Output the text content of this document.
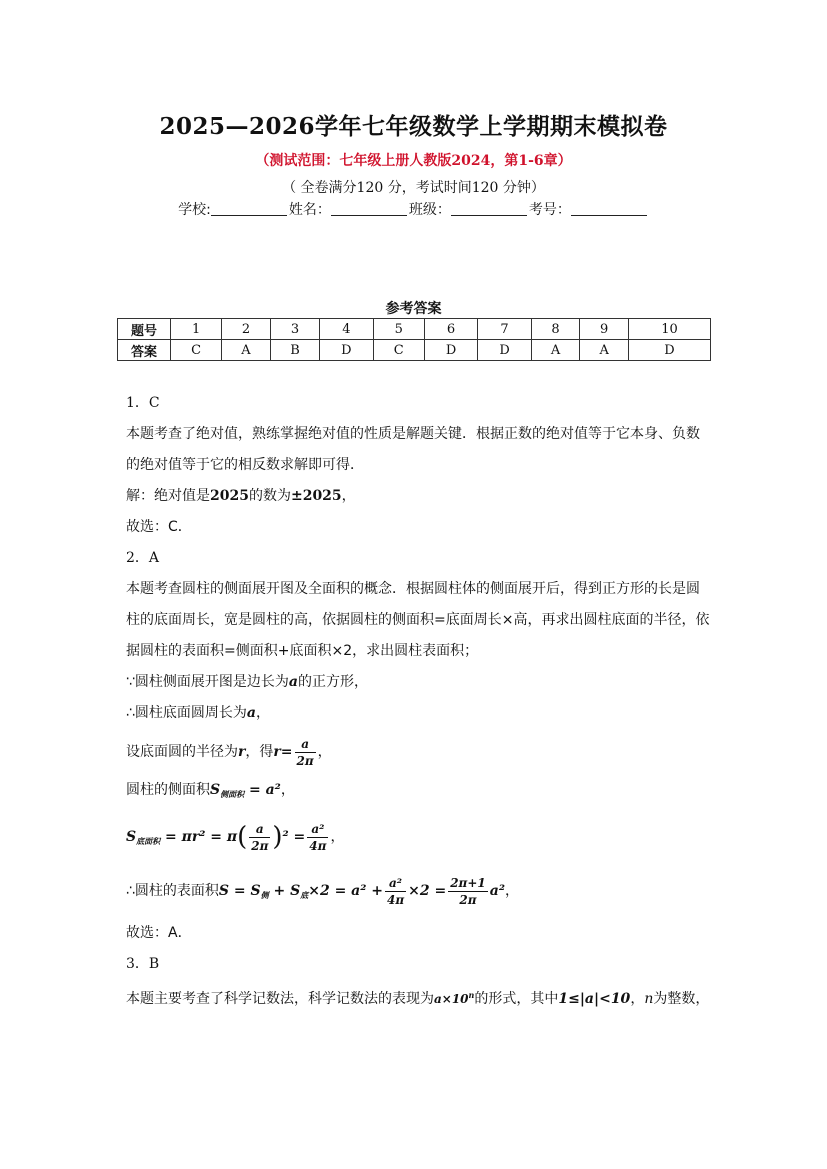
2025—2026学年七年级数学上学期期末模拟卷
（测试范围：七年级上册人教版2024，第1-6章）
（ 全卷满分120 分，考试时间120 分钟）
学校:	姓名：	班级：	考号：
参考答案
题号	1	2	3	4	5	6	7	8	9	10
答案	C	A	B	D	C	D	D	A	A	D

1．C

本题考查了绝对值，熟练掌握绝对值的性质是解题关键．根据正数的绝对值等于它本身、负数的绝对值等于它的相反数求解即可得．

解：绝对值是2025的数为±2025，

故选：C．

2．A

本题考查圆柱的侧面展开图及全面积的概念．根据圆柱体的侧面展开后，得到正方形的长是圆柱的底面周长，宽是圆柱的高，依据圆柱的侧面积=底面周长×高，再求出圆柱底面的半径，依据圆柱的表面积=侧面积+底面积×2，求出圆柱表面积；

∵圆柱侧面展开图是边长为a的正方形，

∴圆柱底面圆周长为a，

设底面圆的半径为r，得$r= \frac{a}{2\pi}$ ，

圆柱的侧面积$S_{侧面积} = a^2$，

$S_{底面积} = \pi r^2 = \pi( \frac{a}{2\pi} )^2 = \frac{\text{a²}}{4\pi}$ ，

∴圆柱的表面积$S = S_侧 + S_底\times 2 = a^2 + \frac{\text{a²}}{4\pi} \times 2 = \frac{2\pi+1}{2\pi} a^2$，

故选：A．

3．B

本题主要考查了科学记数法，科学记数法的表现为$a\times 10^n$的形式，其中1≤|a|<10，n为整数，
